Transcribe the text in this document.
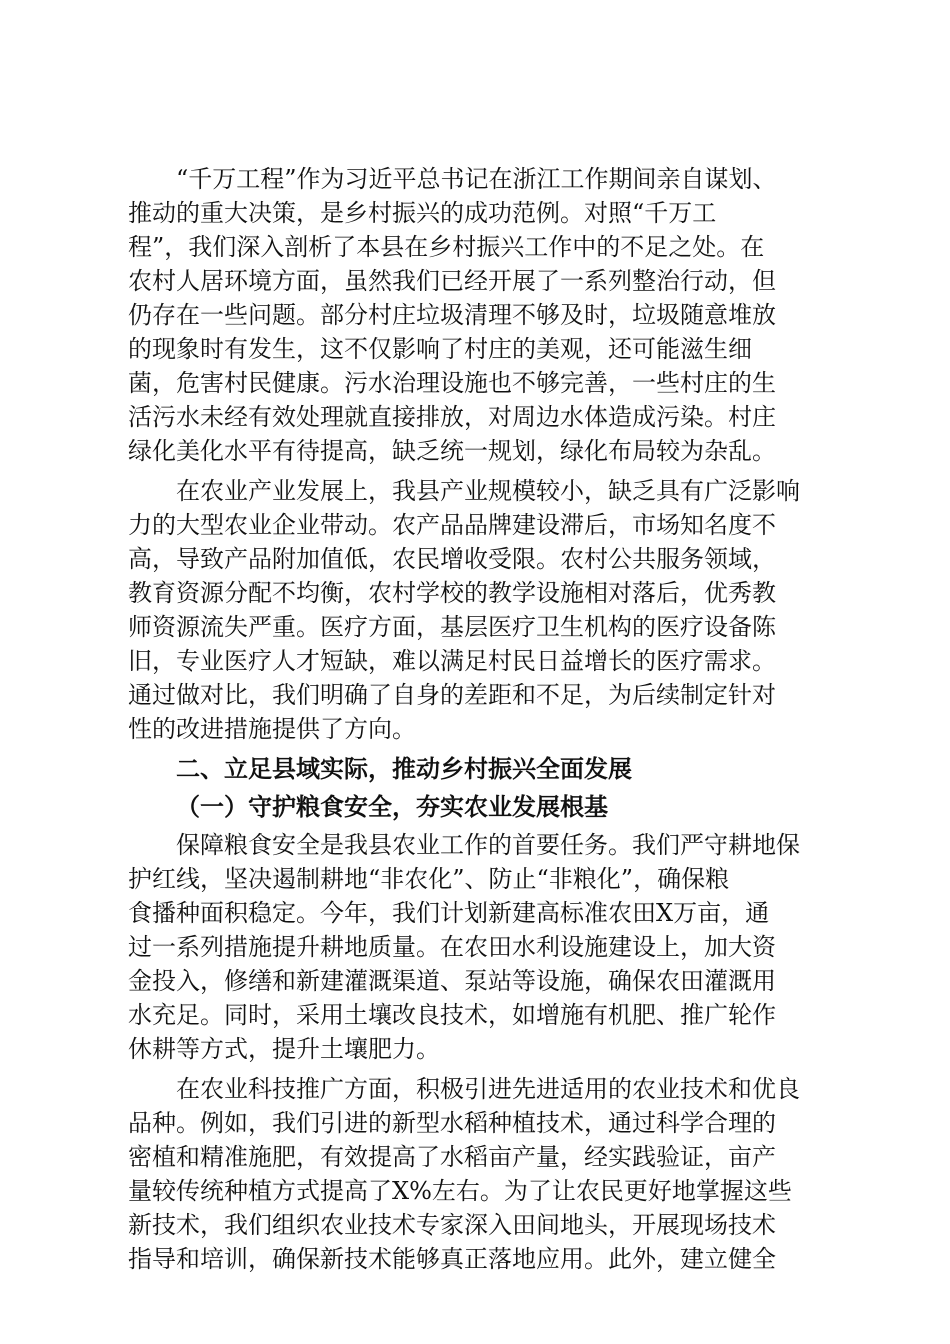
“千万工程”作为习近平总书记在浙江工作期间亲自谋划、
推动的重大决策，是乡村振兴的成功范例。对照“千万工
程”，我们深入剖析了本县在乡村振兴工作中的不足之处。在
农村人居环境方面，虽然我们已经开展了一系列整治行动，但
仍存在一些问题。部分村庄垃圾清理不够及时，垃圾随意堆放
的现象时有发生，这不仅影响了村庄的美观，还可能滋生细
菌，危害村民健康。污水治理设施也不够完善，一些村庄的生
活污水未经有效处理就直接排放，对周边水体造成污染。村庄
绿化美化水平有待提高，缺乏统一规划，绿化布局较为杂乱。

在农业产业发展上，我县产业规模较小，缺乏具有广泛影响
力的大型农业企业带动。农产品品牌建设滞后，市场知名度不
高，导致产品附加值低，农民增收受限。农村公共服务领域，
教育资源分配不均衡，农村学校的教学设施相对落后，优秀教
师资源流失严重。医疗方面，基层医疗卫生机构的医疗设备陈
旧，专业医疗人才短缺，难以满足村民日益增长的医疗需求。
通过做对比，我们明确了自身的差距和不足，为后续制定针对
性的改进措施提供了方向。

二、立足县域实际，推动乡村振兴全面发展

（一）守护粮食安全，夯实农业发展根基

保障粮食安全是我县农业工作的首要任务。我们严守耕地保
护红线，坚决遏制耕地“非农化”、防止“非粮化”，确保粮
食播种面积稳定。今年，我们计划新建高标准农田X万亩，通
过一系列措施提升耕地质量。在农田水利设施建设上，加大资
金投入，修缮和新建灌溉渠道、泵站等设施，确保农田灌溉用
水充足。同时，采用土壤改良技术，如增施有机肥、推广轮作
休耕等方式，提升土壤肥力。

在农业科技推广方面，积极引进先进适用的农业技术和优良
品种。例如，我们引进的新型水稻种植技术，通过科学合理的
密植和精准施肥，有效提高了水稻亩产量，经实践验证，亩产
量较传统种植方式提高了X%左右。为了让农民更好地掌握这些
新技术，我们组织农业技术专家深入田间地头，开展现场技术
指导和培训，确保新技术能够真正落地应用。此外，建立健全
